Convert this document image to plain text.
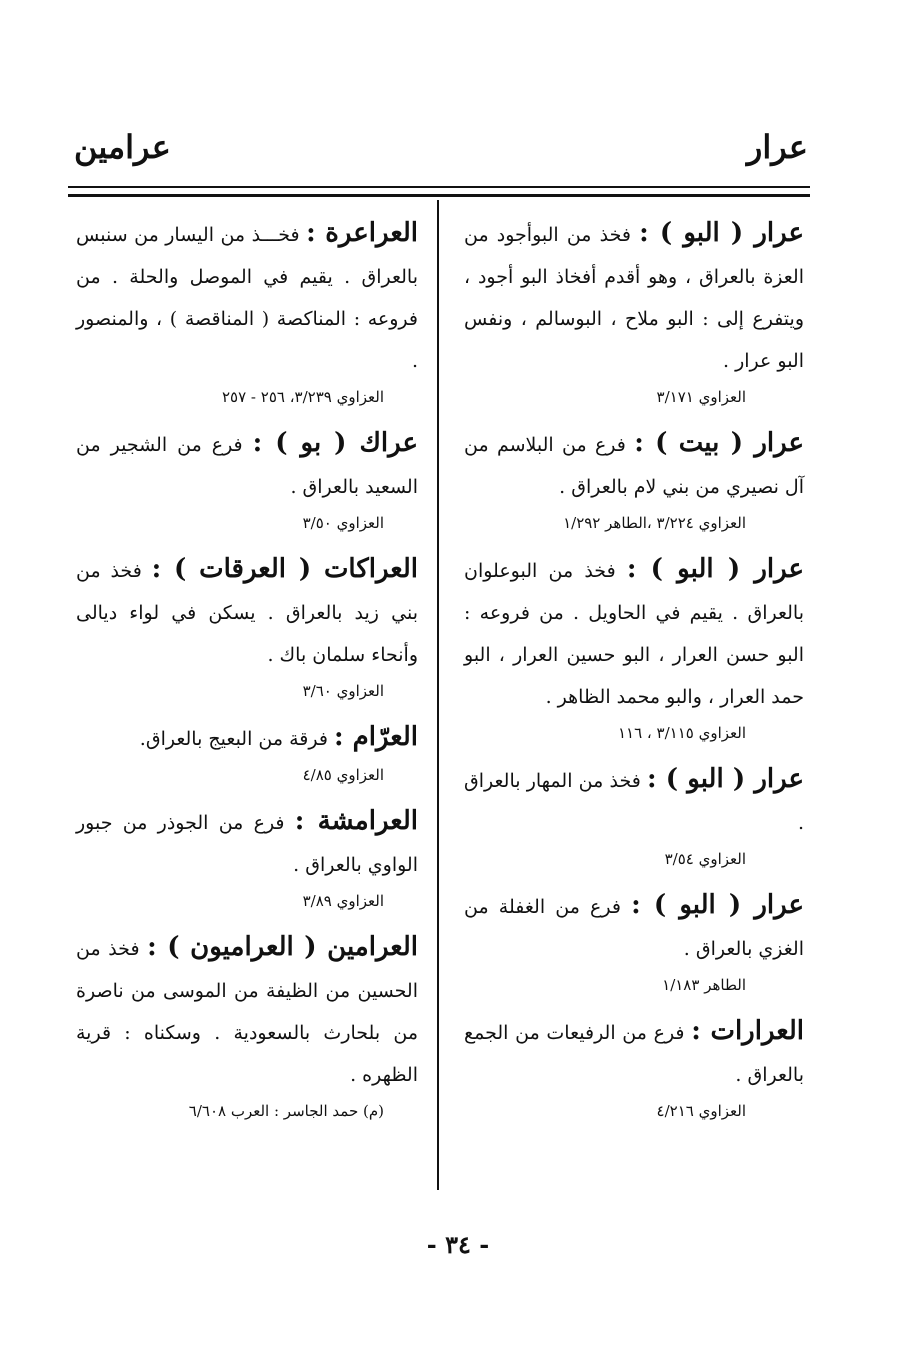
عرار
عرامين

عرار ( البو ) : فخذ من البوأجود من العزة بالعراق ، وهو أقدم أفخاذ البو أجود ، ويتفرع إلى : البو ملاح ، البوسالم ، ونفس البو عرار .

العزاوي ٣/١٧١

عرار ( بيت ) : فرع من البلاسم من آل نصيري من بني لام بالعراق .

العزاوي ٣/٢٢٤ ،الطاهر ١/٢٩٢

عرار ( البو ) : فخذ من البوعلوان بالعراق . يقيم في الحاويل . من فروعه : البو حسن العرار ، البو حسين العرار ، البو حمد العرار ، والبو محمد الظاهر .

العزاوي ٣/١١٥ ، ١١٦

عرار ( البو ) : فخذ من المهار بالعراق .

العزاوي ٣/٥٤

عرار ( البو ) : فرع من الغفلة من الغزي بالعراق .

الطاهر ١/١٨٣

العرارات : فرع من الرفيعات من الجمع بالعراق .

العزاوي ٤/٢١٦

العراعرة : فخـــذ من اليسار من سنبس بالعراق . يقيم في الموصل والحلة . من فروعه : المناكصة ( المناقصة ) ، والمنصور .

العزاوي ٣/٢٣٩، ٢٥٦ - ٢٥٧

عراك ( بو ) : فرع من الشجير من السعيد بالعراق .

العزاوي ٣/٥٠

العراكات ( العرقات ) : فخذ من بني زيد بالعراق . يسكن في لواء ديالى وأنحاء سلمان باك .

العزاوي ٣/٦٠

العرّام : فرقة من البعيج بالعراق.

العزاوي ٤/٨٥

العرامشة : فرع من الجوذر من جبور الواوي بالعراق .

العزاوي ٣/٨٩

العرامين ( العراميون ) : فخذ من الحسين من الظيفة من الموسى من ناصرة من بلحارث بالسعودية . وسكناه : قرية الظهره .

(م) حمد الجاسر : العرب ٦/٦٠٨

- ٣٤ -
